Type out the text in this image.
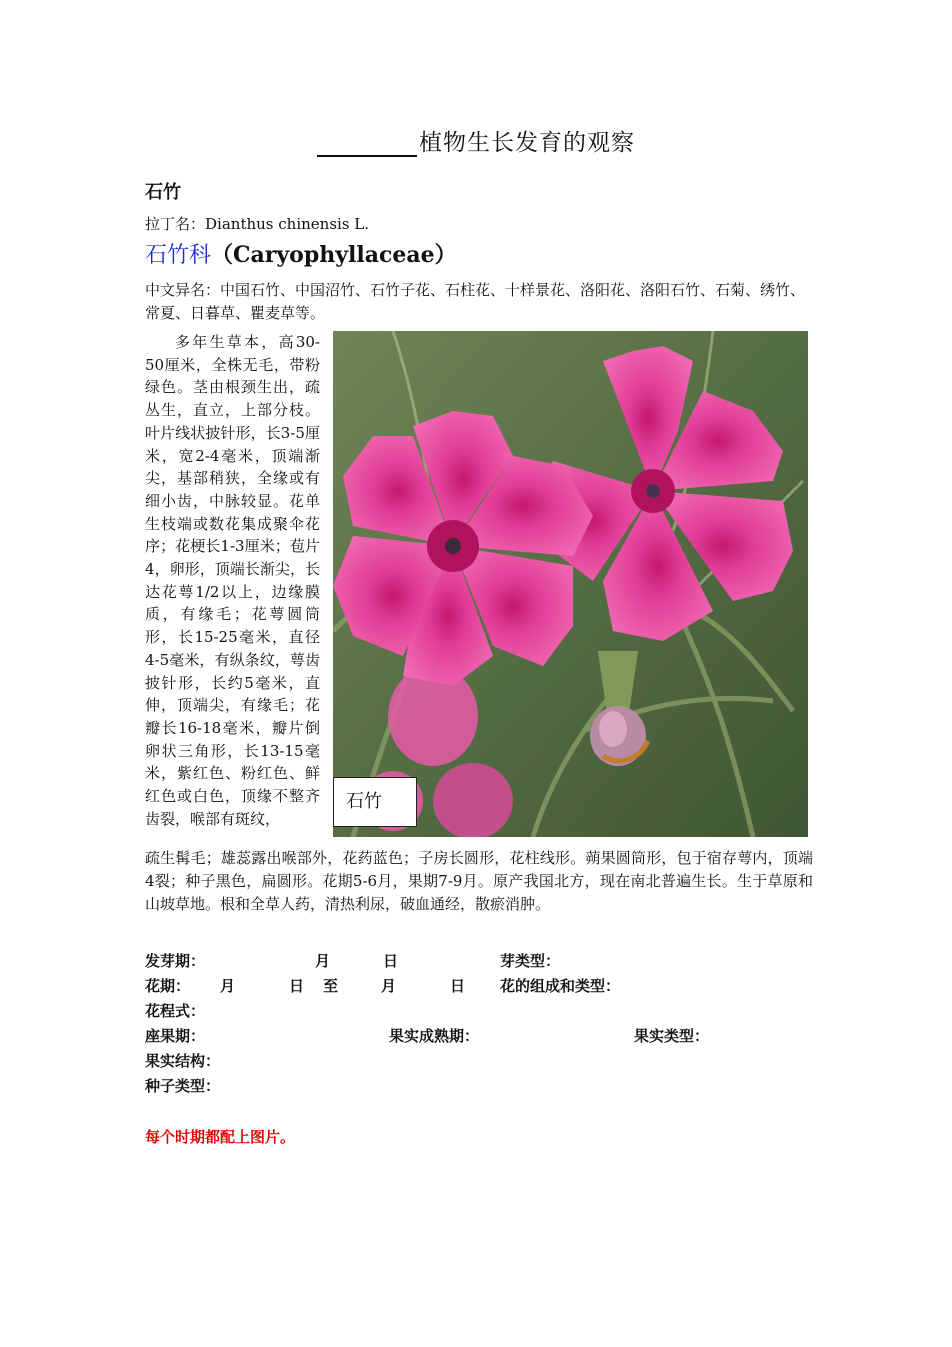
植物生长发育的观察
石竹
拉丁名：Dianthus chinensis L.
石竹科（Caryophyllaceae）
中文异名：中国石竹、中国沼竹、石竹子花、石柱花、十样景花、洛阳花、洛阳石竹、石菊、绣竹、常夏、日暮草、瞿麦草等。
多年生草本，高30-50厘米，全株无毛，带粉绿色。茎由根颈生出，疏丛生，直立，上部分枝。叶片线状披针形，长3-5厘米，宽2-4毫米，顶端渐尖，基部稍狭，全缘或有细小齿，中脉较显。花单生枝端或数花集成聚伞花序；花梗长1-3厘米；苞片4，卵形，顶端长渐尖，长达花萼1/2以上，边缘膜质，有缘毛；花萼圆筒形，长15-25毫米，直径4-5毫米，有纵条纹，萼齿披针形，长约5毫米，直伸，顶端尖，有缘毛；花瓣长16-18毫米，瓣片倒卵状三角形，长13-15毫米，紫红色、粉红色、鲜红色或白色，顶缘不整齐齿裂，喉部有斑纹，
石竹
疏生髯毛；雄蕊露出喉部外，花药蓝色；子房长圆形，花柱线形。蒴果圆筒形，包于宿存萼内，顶端4裂；种子黑色，扁圆形。花期5-6月，果期7-9月。原产我国北方，现在南北普遍生长。生于草原和山坡草地。根和全草人药，清热利尿，破血通经，散瘀消肿。
发芽期：	月	日	芽类型：
花期： 月	日 至	月	日 花的组成和类型：
花程式：
座果期：	果实成熟期：	果实类型：
果实结构：
种子类型：
每个时期都配上图片。
